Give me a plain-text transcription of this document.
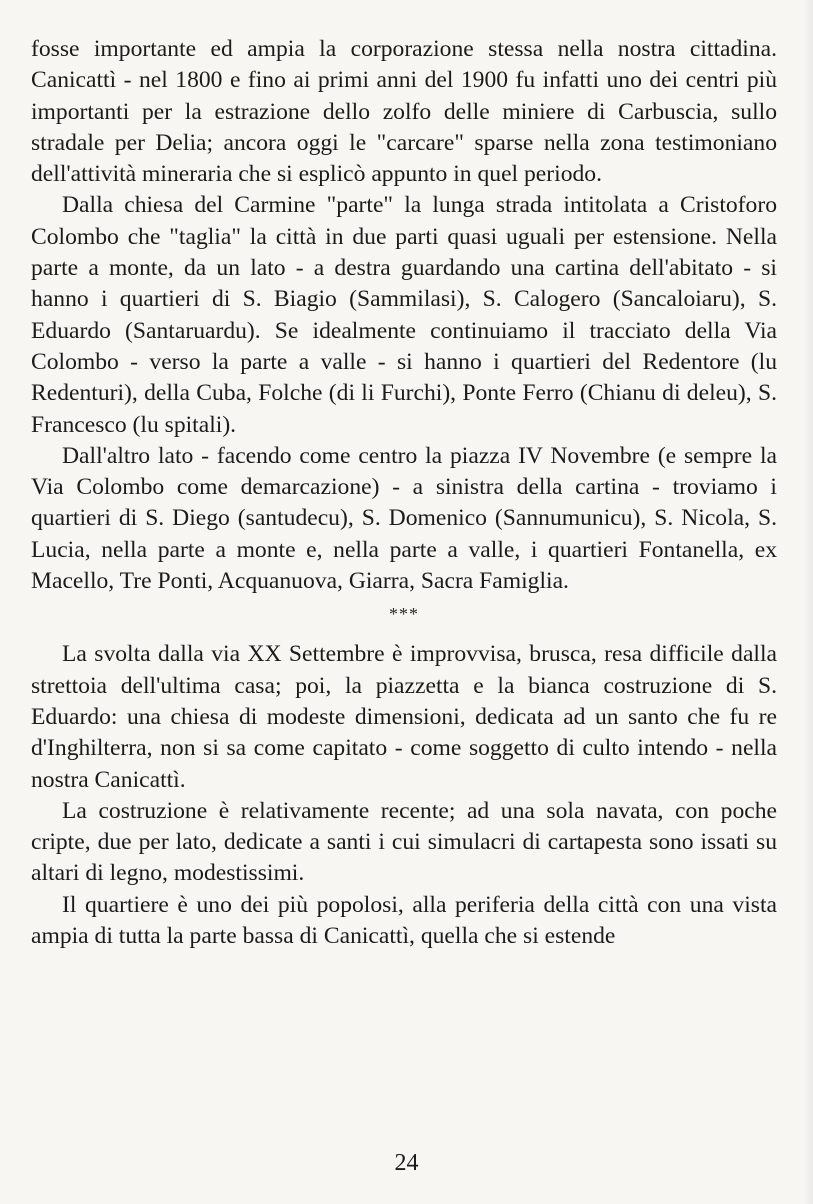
fosse importante ed ampia la corporazione stessa nella nostra cittadina. Canicattì - nel 1800 e fino ai primi anni del 1900 fu infatti uno dei centri più importanti per la estrazione dello zolfo delle miniere di Carbuscia, sullo stradale per Delia; ancora oggi le "carcare" sparse nella zona testimoniano dell'attività mineraria che si esplicò appunto in quel periodo.

Dalla chiesa del Carmine "parte" la lunga strada intitolata a Cristoforo Colombo che "taglia" la città in due parti quasi uguali per estensione. Nella parte a monte, da un lato - a destra guardando una cartina dell'abitato - si hanno i quartieri di S. Biagio (Sammilasi), S. Calogero (Sancaloiaru), S. Eduardo (Santaruardu). Se idealmente continuiamo il tracciato della Via Colombo - verso la parte a valle - si hanno i quartieri del Redentore (lu Redenturi), della Cuba, Folche (di li Furchi), Ponte Ferro (Chianu di deleu), S. Francesco (lu spitali).

Dall'altro lato - facendo come centro la piazza IV Novembre (e sempre la Via Colombo come demarcazione) - a sinistra della cartina - troviamo i quartieri di S. Diego (santudecu), S. Domenico (Sannumunicu), S. Nicola, S. Lucia, nella parte a monte e, nella parte a valle, i quartieri Fontanella, ex Macello, Tre Ponti, Acquanuova, Giarra, Sacra Famiglia.

***

La svolta dalla via XX Settembre è improvvisa, brusca, resa difficile dalla strettoia dell'ultima casa; poi, la piazzetta e la bianca costruzione di S. Eduardo: una chiesa di modeste dimensioni, dedicata ad un santo che fu re d'Inghilterra, non si sa come capitato - come soggetto di culto intendo - nella nostra Canicattì.

La costruzione è relativamente recente; ad una sola navata, con poche cripte, due per lato, dedicate a santi i cui simulacri di cartapesta sono issati su altari di legno, modestissimi.

Il quartiere è uno dei più popolosi, alla periferia della città con una vista ampia di tutta la parte bassa di Canicattì, quella che si estende

24
